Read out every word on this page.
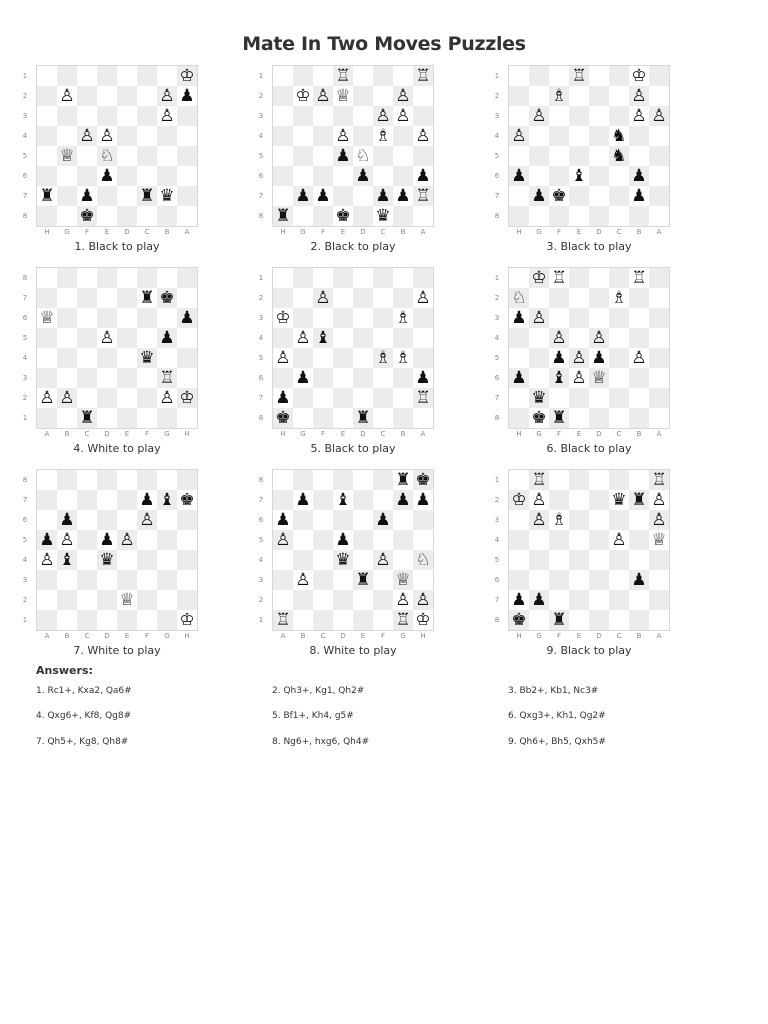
Mate In Two Moves Puzzles
♔
♙	♙ ♟
♙
♙ ♙
♕ ♘
♟
♜ ♟	♜ ♛
♚
1
2
3
4
5
6
7
8
H	G	F	E	D	C	B	A
1. Black to play
♖	♖
♔ ♙ ♕	♙
♙ ♙
♙ ♗ ♙
♟ ♘
♟	♟
♟ ♟	♟ ♟ ♖
♜	♚ ♛
1
2
3
4
5
6
7
8
H	G	F	E	D	C	B	A
2. Black to play
♖	♔
♗	♙
♙	♙ ♙
♙	♞
♞
♟	♝	♟
♟ ♚	♟
1
2
3
4
5
6
7
8
H	G	F	E	D	C	B	A
3. Black to play
♜ ♚
♕	♟
♙	♟
♛
♖
♙ ♙	♙ ♔
♜
8
7
6
5
4
3
2
1
A	B	C	D	E	F	G	H
4. White to play
♙	♙
♔	♗
♙ ♝
♙	♗ ♗
♟	♟
♟	♖
♚	♜
1
2
3
4
5
6
7
8
H	G	F	E	D	C	B	A
5. Black to play
♔ ♖	♖
♘	♗
♟ ♙
♙ ♙
♟ ♙ ♟ ♙
♟ ♝ ♙ ♕
♛
♚ ♜
1
2
3
4
5
6
7
8
H	G	F	E	D	C	B	A
6. Black to play
♟ ♝ ♚
♟	♙
♟ ♙ ♟ ♙
♙ ♝ ♛
♕
♔
8
7
6
5
4
3
2
1
A	B	C	D	E	F	G	H
7. White to play
♜ ♚
♟ ♝	♟ ♟
♟	♟
♙	♟
♛ ♙ ♘
♙	♜ ♕
♙ ♙
♖	♖ ♔
8
7
6
5
4
3
2
1
A	B	C	D	E	F	G	H
8. White to play
♖	♖
♔ ♙	♛ ♜ ♙
♙ ♗	♙
♙ ♕
♟
♟ ♟
♚ ♜
1
2
3
4
5
6
7
8
H	G	F	E	D	C	B	A
9. Black to play
Answers:
1. Rc1+, Kxa2, Qa6#	2. Qh3+, Kg1, Qh2#	3. Bb2+, Kb1, Nc3#
4. Qxg6+, Kf8, Qg8#	5. Bf1+, Kh4, g5#	6. Qxg3+, Kh1, Qg2#
7. Qh5+, Kg8, Qh8#	8. Ng6+, hxg6, Qh4#	9. Qh6+, Bh5, Qxh5#
